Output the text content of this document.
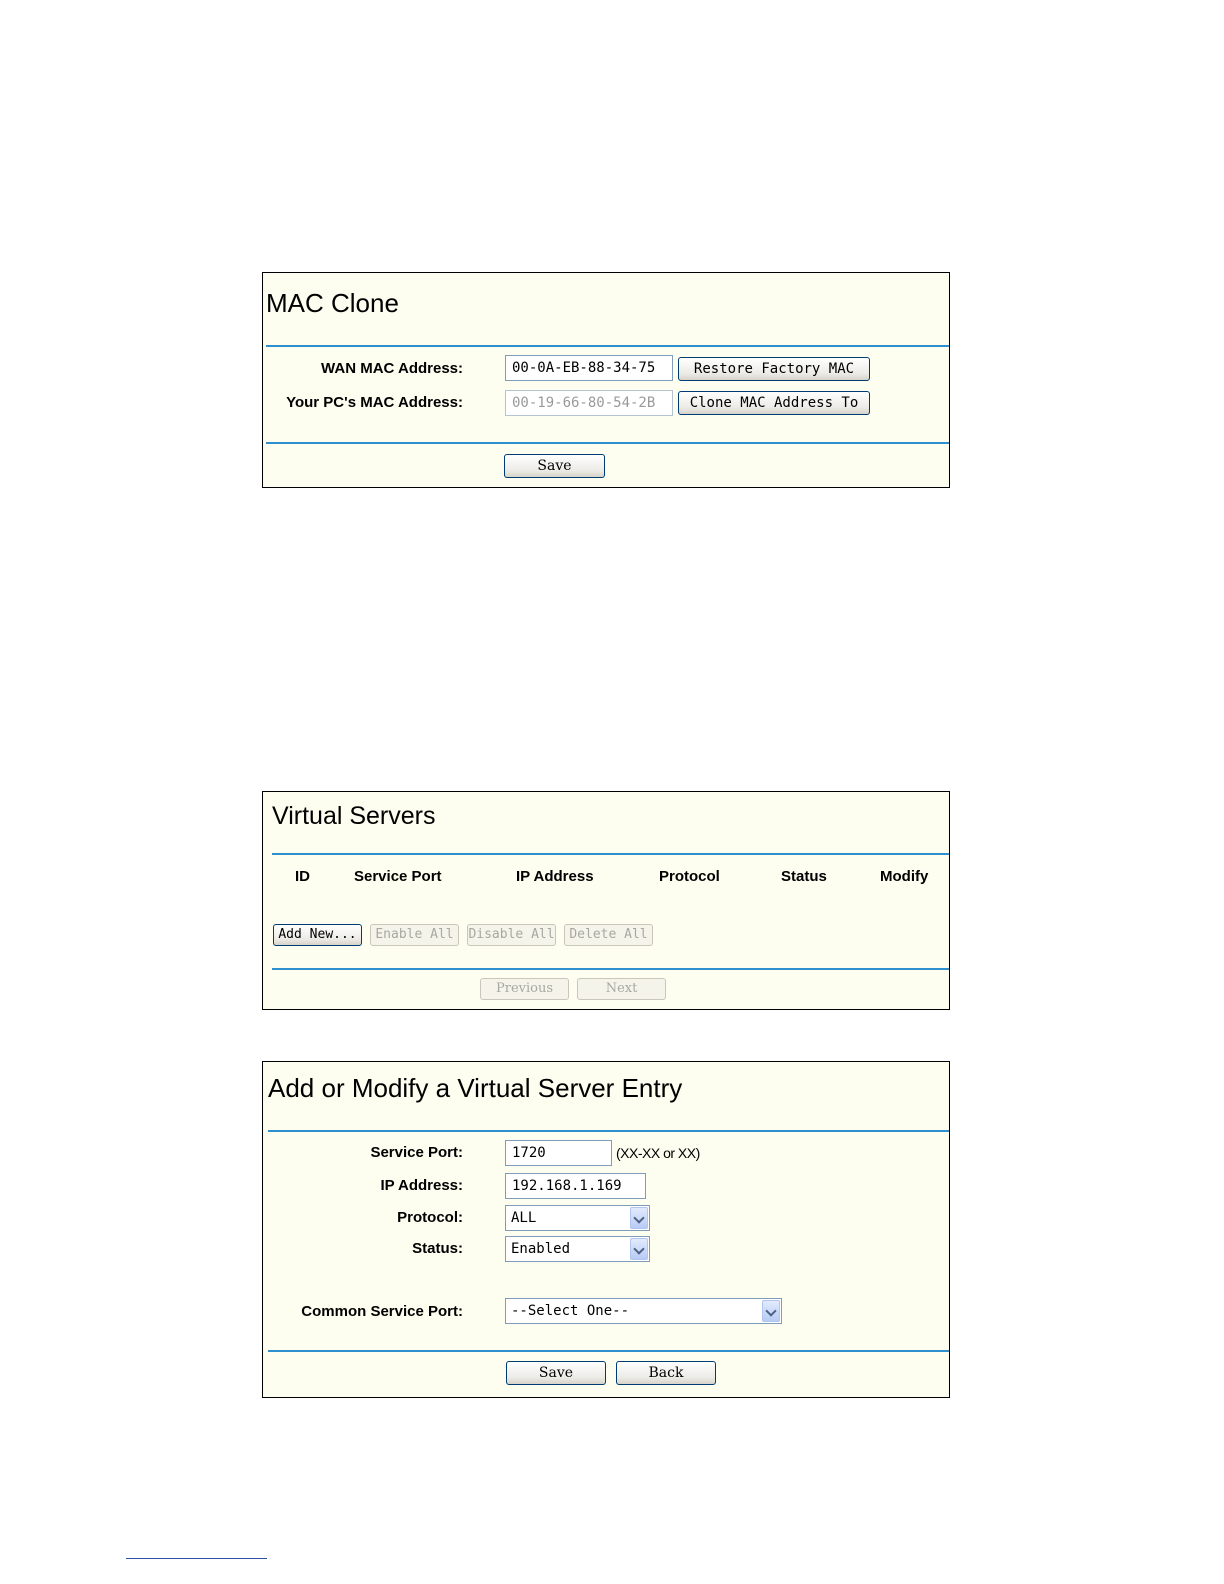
MAC Clone
WAN MAC Address:	00-0A-EB-88-34-75	Restore Factory MAC
Your PC's MAC Address:	00-19-66-80-54-2B	Clone MAC Address To
Save
Virtual Servers
ID	Service Port	IP Address	Protocol	Status	Modify
Add New...	Enable All	Disable All	Delete All
Previous	Next
Add or Modify a Virtual Server Entry
Service Port:	1720	(XX-XX or XX)
IP Address:	192.168.1.169
Protocol:	ALL
Status:	Enabled
Common Service Port:	--Select One--
Save	Back
